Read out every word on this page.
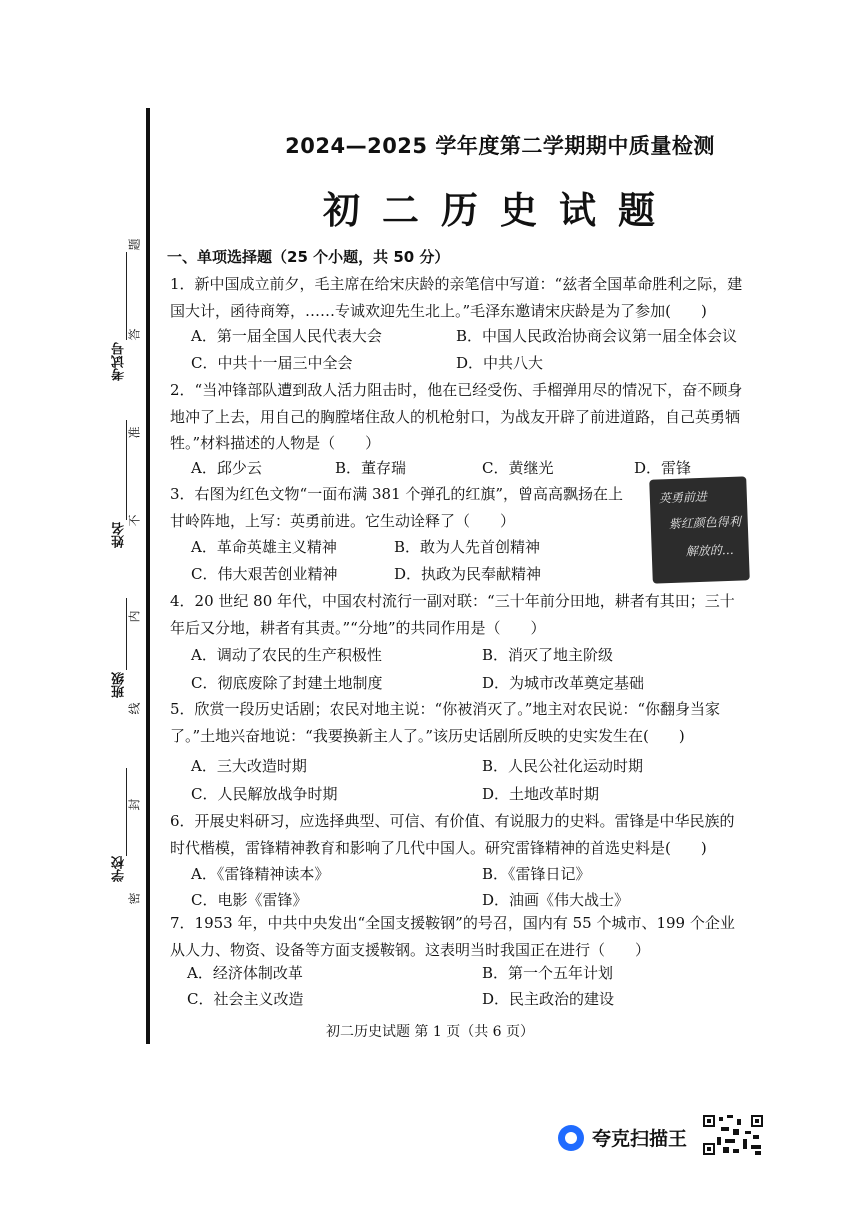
学校
班级
姓名
考试号
题
答
准
不
内
线
封
密
2024—2025 学年度第二学期期中质量检测
初二历史试题
一、单项选择题（25 个小题，共 50 分）
1．新中国成立前夕，毛主席在给宋庆龄的亲笔信中写道：“兹者全国革命胜利之际，建国大计，函待商筹，……专诚欢迎先生北上。”毛泽东邀请宋庆龄是为了参加(　　)
A．第一届全国人民代表大会	B．中国人民政治协商会议第一届全体会议
C．中共十一届三中全会	D．中共八大
2．“当冲锋部队遭到敌人活力阻击时，他在已经受伤、手榴弹用尽的情况下，奋不顾身地冲了上去，用自己的胸膛堵住敌人的机枪射口，为战友开辟了前进道路，自己英勇牺牲。”材料描述的人物是（　　）
A．邱少云	B．董存瑞	C．黄继光	D．雷锋
3．右图为红色文物“一面布满 381 个弹孔的红旗”，曾高高飘扬在上甘岭阵地，上写：英勇前进。它生动诠释了（　　）
A．革命英雄主义精神	B．敢为人先首创精神
C．伟大艰苦创业精神	D．执政为民奉献精神
英勇前进
紫红颜色得利
解放的…
4．20 世纪 80 年代，中国农村流行一副对联：“三十年前分田地，耕者有其田；三十年后又分地，耕者有其责。”“分地”的共同作用是（　　）
A．调动了农民的生产积极性	B．消灭了地主阶级
C．彻底废除了封建土地制度	D．为城市改革奠定基础
5．欣赏一段历史话剧；农民对地主说：“你被消灭了。”地主对农民说：“你翻身当家了。”土地兴奋地说：“我要换新主人了。”该历史话剧所反映的史实发生在(　　)
A．三大改造时期	B．人民公社化运动时期
C．人民解放战争时期	D．土地改革时期
6．开展史料研习，应选择典型、可信、有价值、有说服力的史料。雷锋是中华民族的时代楷模，雷锋精神教育和影响了几代中国人。研究雷锋精神的首选史料是(　　)
A．《雷锋精神读本》	B．《雷锋日记》
C．电影《雷锋》	D．油画《伟大战士》
7．1953 年，中共中央发出“全国支援鞍钢”的号召，国内有 55 个城市、199 个企业从人力、物资、设备等方面支援鞍钢。这表明当时我国正在进行（　　）
A．经济体制改革	B．第一个五年计划
C．社会主义改造	D．民主政治的建设
初二历史试题 第 1 页（共 6 页）
夸克扫描王
